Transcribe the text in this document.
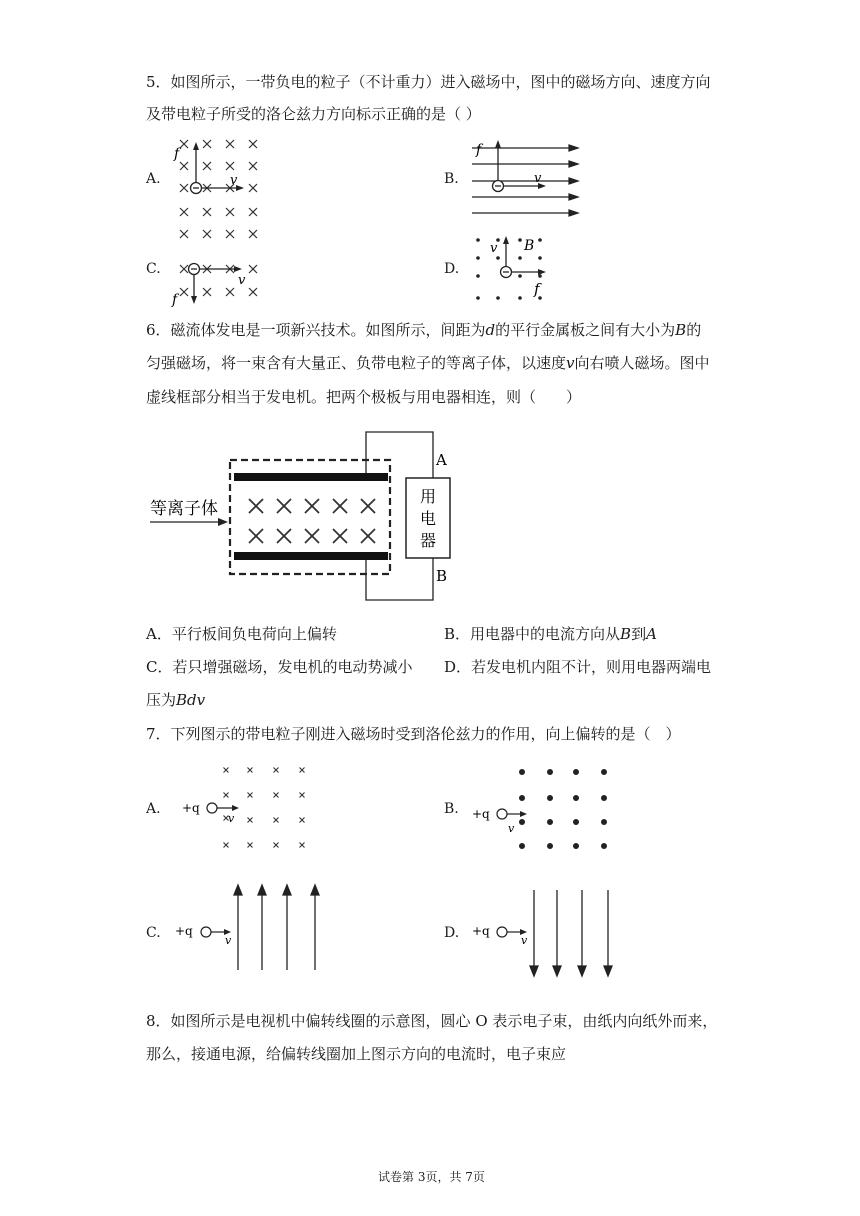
5．如图所示，一带负电的粒子（不计重力）进入磁场中，图中的磁场方向、速度方向
及带电粒子所受的洛仑兹力方向标示正确的是（ ）
A.	B.
C.	D.
f
v
f
v
f
v
v B
f
6．磁流体发电是一项新兴技术。如图所示，间距为d的平行金属板之间有大小为B的
匀强磁场，将一束含有大量正、负带电粒子的等离子体，以速度v向右喷人磁场。图中
虚线框部分相当于发电机。把两个极板与用电器相连，则（　　）
用
电
器
A
B
等离子体
A．平行板间负电荷向上偏转	B．用电器中的电流方向从B到A
C．若只增强磁场，发电机的电动势减小 D．若发电机内阻不计，则用电器两端电
压为Bdv
7．下列图示的带电粒子刚进入磁场时受到洛伦兹力的作用，向上偏转的是（　）
A.	B.
C.	D.
+q
v	+q
v
+q
v
+q
v
8．如图所示是电视机中偏转线圈的示意图，圆心 O 表示电子束，由纸内向纸外而来，
那么，接通电源，给偏转线圈加上图示方向的电流时，电子束应
试卷第 3页，共 7页
